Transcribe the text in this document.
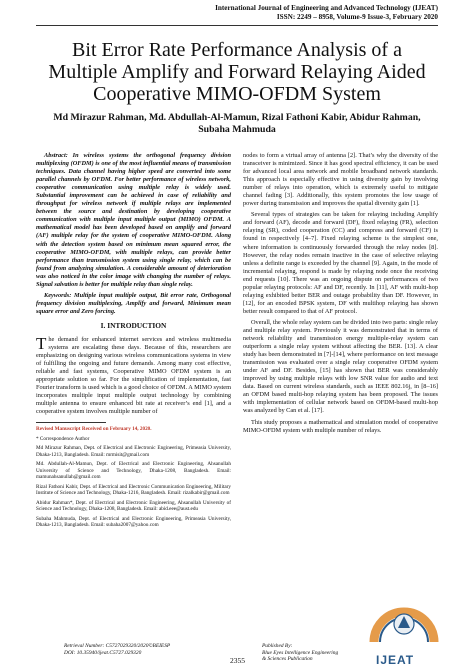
International Journal of Engineering and Advanced Technology (IJEAT)
ISSN: 2249 – 8958, Volume-9 Issue-3, February 2020
Bit Error Rate Performance Analysis of a
Multiple Amplify and Forward Relaying Aided
Cooperative MIMO-OFDM System
Md Mirazur Rahman, Md. Abdullah-Al-Mamun, Rizal Fathoni Kabir, Abidur Rahman,
Subaha Mahmuda

Abstract: In wireless systems the orthogonal frequency division multiplexing (OFDM) is one of the most influential means of transmission techniques. Data channel having higher speed are converted into some parallel channels by OFDM. For better performance of wireless network, cooperative communication using multiple relay is widely used. Substantial improvement can be achieved in case of reliability and throughput for wireless network if multiple relays are implemented between the source and destination by developing cooperative communication with multiple input multiple output (MIMO) OFDM. A mathematical model has been developed based on amplify and forward (AF) multiple relay for the system of cooperative MIMO-OFDM. Along with the detection system based on minimum mean squared error, the cooperative MIMO-OFDM, with multiple relays, can provide better performance than transmission system using single relay, which can be found from analyzing simulation. A considerable amount of deterioration was also noticed in the color image with changing the number of relays. Signal salvation is better for multiple relay than single relay.

Keywords: Multiple input multiple output, Bit error rate, Orthogonal frequency division multiplexing, Amplify and forward, Minimum mean square error and Zero forcing.

I. INTRODUCTION

The demand for enhanced internet services and wireless multimedia systems are escalating these days. Because of this, researchers are emphasizing on designing various wireless communications systems in view of fulfilling the ongoing and future demands. Among many cost effective, reliable and fast systems, Cooperative MIMO OFDM system is an appropriate solution so far. For the simplification of implementation, fast Fourier transform is used which is a good choice of OFDM. A MIMO system incorporates multiple input multiple output technology by combining multiple antenna to ensure enhanced bit rate at receiver’s end [1], and a cooperative system involves multiple number of

Revised Manuscript Received on February 14, 2020.

* Correspondence Author

Md Mirazur Rahman, Dept. of Electrical and Electronic Engineering, Primeasia University, Dhaka-1213, Bangladesh. Email: mrmisit@gmail.com

Md. Abdullah-Al-Mamun, Dept. of Electrical and Electronic Engineering, Ahsanullah University of Science and Technology, Dhaka-1208, Bangladesh. Email: mamunahsanullah@gmail.com

Rizal Fathoni Kabir, Dept. of Electrical and Electronic Communication Engineering, Military Institute of Science and Technology, Dhaka-1216, Bangladesh. Email: rizalkabir@gmail.com

Abidur Rahman*, Dept. of Electrical and Electronic Engineering, Ahsanullah University of Science and Technology, Dhaka-1208, Bangladesh. Email: abid.eee@aust.edu

Subaha Mahmuda, Dept. of Electrical and Electronic Engineering, Primeasia University, Dhaka-1213, Bangladesh. Email: subaha2007@yahoo.com

nodes to form a virtual array of antenna [2]. That’s why the diversity of the transceiver is minimized. Since it has good spectral efficiency, it can be used for advanced local area network and mobile broadband network standards. This approach is especially effective in using diversity gain by involving number of relays into operation, which is extremely useful to mitigate channel fading [3]. Additionally, this system promotes the low usage of power during transmission and improves the spatial diversity gain [1].

Several types of strategies can be taken for relaying including Amplify and forward (AF), decode and forward (DF), fixed relaying (FR), selection relaying (SR), coded cooperation (CC) and compress and forward (CF) is found in respectively [4–7]. Fixed relaying scheme is the simplest one, where information is continuously forwarded through the relay nodes [8]. However, the relay nodes remain inactive in the case of selective relaying unless a definite range is exceeded by the channel [9]. Again, in the mode of incremental relaying, respond is made by relaying node once the receiving end requests [10]. There was an ongoing dispute on performances of two popular relaying protocols: AF and DF, recently. In [11], AF with multi-hop relaying exhibited better BER and outage probability than DF. However, in [12], for an encoded BPSK system, DF with multihop relaying has shown better result compared to that of AF protocol.

Overall, the whole relay system can be divided into two parts: single relay and multiple relay system. Previously it was demonstrated that in terms of network reliability and transmission energy multiple-relay system can outperform a single relay system without affecting the BER. [13]. A clear study has been demonstrated in [7]-[14], where performance on text message transmission was evaluated over a single relay cooperative OFDM system under AF and DF. Besides, [15] has shown that BER was considerably improved by using multiple relays with low SNR value for audio and text data. Based on current wireless standards, such as IEEE 802.16j, in [8–16] an OFDM based multi-hop relaying system has been proposed. The issues with implementation of cellular network based on OFDM-based multi-hop was analyzed by Can et al. [17].

This study proposes a mathematical and simulation model of cooperative MIMO-OFDM system with multiple number of relays.

Retrieval Number: C5727029320/2020©BEIESP
DOI: 10.35940/ijeat.C5727.029320
2355
Published By:
Blue Eyes Intelligence Engineering
& Sciences Publication	IJEAT
